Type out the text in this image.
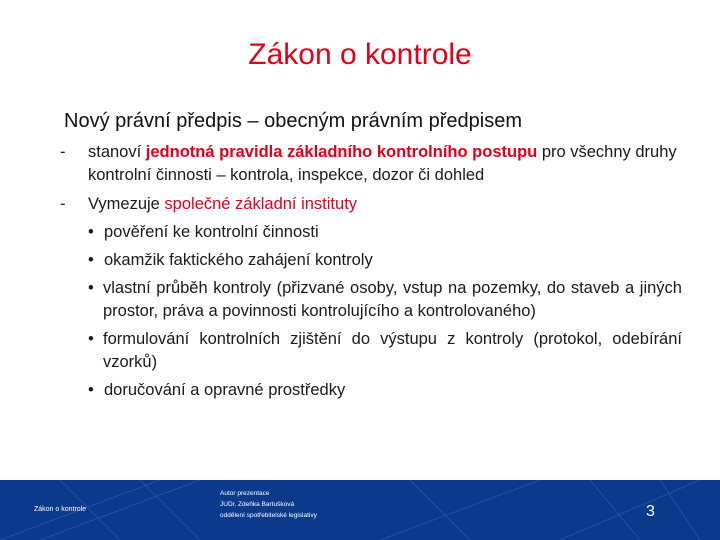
Zákon o kontrole
Nový právní předpis – obecným právním předpisem
- stanoví jednotná pravidla základního kontrolního postupu pro všechny druhy kontrolní činnosti – kontrola, inspekce, dozor či dohled
- Vymezuje společné základní instituty
• pověření ke kontrolní činnosti
• okamžik faktického zahájení kontroly
• vlastní průběh kontroly (přizvané osoby, vstup na pozemky, do staveb a jiných prostor, práva a povinnosti kontrolujícího a kontrolovaného)
• formulování kontrolních zjištění do výstupu z kontroly (protokol, odebírání vzorků)
• doručování a opravné prostředky
Zákon o kontrole
Autor prezentace
JUDr. Zdeňka Bartušková
oddělení spotřebitelské legislativy	3
